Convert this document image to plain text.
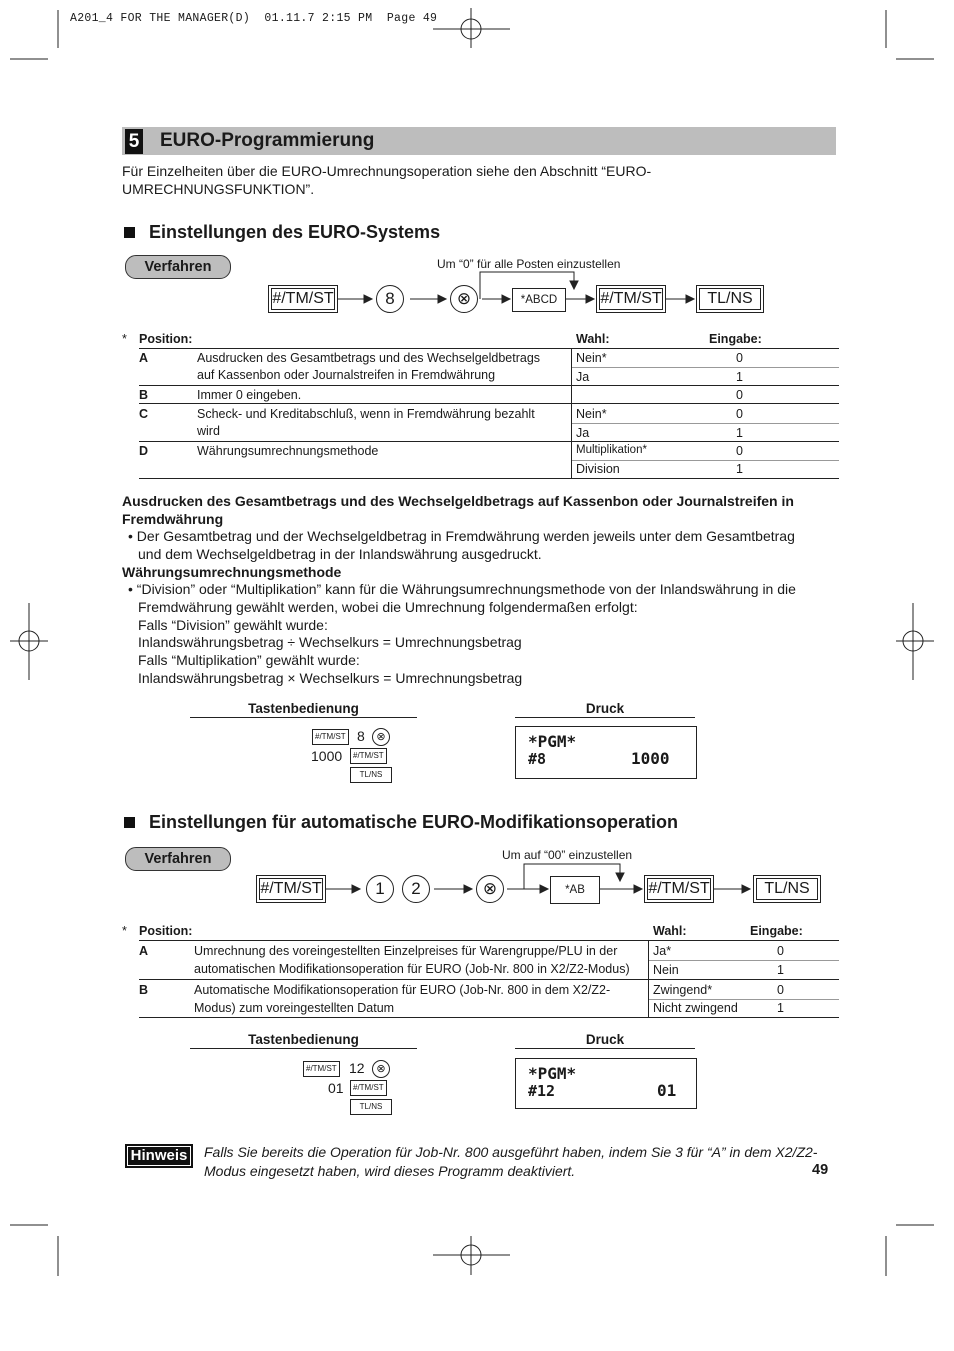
A201_4 FOR THE MANAGER(D)  01.11.7 2:15 PM  Page 49
5 EURO-Programmierung
Für Einzelheiten über die EURO-Umrechnungsoperation siehe den Abschnitt “EURO-
UMRECHNUNGSFUNKTION”.
Einstellungen des EURO-Systems
Verfahren	Um “0” für alle Posten einzustellen
#/TM/ST	8	⊗	*ABCD	#/TM/ST	TL/NS
* Position:	Wahl:	Eingabe:
A	Ausdrucken des Gesamtbetrags und des Wechselgeldbetrags
auf Kassenbon oder Journalstreifen in Fremdwährung
Nein*	0
Ja	1
B	Immer 0 eingeben.	0
C	Scheck- und Kreditabschluß, wenn in Fremdwährung bezahlt
wird
Nein*	0
Ja	1
D	Währungsumrechnungsmethode	Multiplikation*	0
Division	1
Ausdrucken des Gesamtbetrags und des Wechselgeldbetrags auf Kassenbon oder Journalstreifen in
Fremdwährung
• Der Gesamtbetrag und der Wechselgeldbetrag in Fremdwährung werden jeweils unter dem Gesamtbetrag
und dem Wechselgeldbetrag in der Inlandswährung ausgedruckt.
Währungsumrechnungsmethode
• “Division” oder “Multiplikation” kann für die Währungsumrechnungsmethode von der Inlandswährung in die
Fremdwährung gewählt werden, wobei die Umrechnung folgendermaßen erfolgt:
Falls “Division” gewählt wurde:
Inlandswährungsbetrag ÷ Wechselkurs = Umrechnungsbetrag
Falls “Multiplikation” gewählt wurde:
Inlandswährungsbetrag × Wechselkurs = Umrechnungsbetrag
Tastenbedienung	Druck
#/TM/ST 8	⊗
1000	#/TM/ST
TL/NS
*PGM*
#8	1000
Einstellungen für automatische EURO-Modifikationsoperation
Verfahren	Um auf “00” einzustellen
#/TM/ST	1	2	⊗	*AB	#/TM/ST	TL/NS
* Position:	Wahl:	Eingabe:
A	Umrechnung des voreingestellten Einzelpreises für Warengruppe/PLU in der
automatischen Modifikationsoperation für EURO (Job-Nr. 800 in X2/Z2-Modus)
Ja*	0
Nein	1
B	Automatische Modifikationsoperation für EURO (Job-Nr. 800 in dem X2/Z2-
Modus) zum voreingestellten Datum
Zwingend*	0
Nicht zwingend	1
Tastenbedienung	Druck
#/TM/ST 12	⊗
01	#/TM/ST
TL/NS
*PGM*
#12	01
Hinweis	Falls Sie bereits die Operation für Job-Nr. 800 ausgeführt haben, indem Sie 3 für “A” in dem X2/Z2-
Modus eingesetzt haben, wird dieses Programm deaktiviert.	49
